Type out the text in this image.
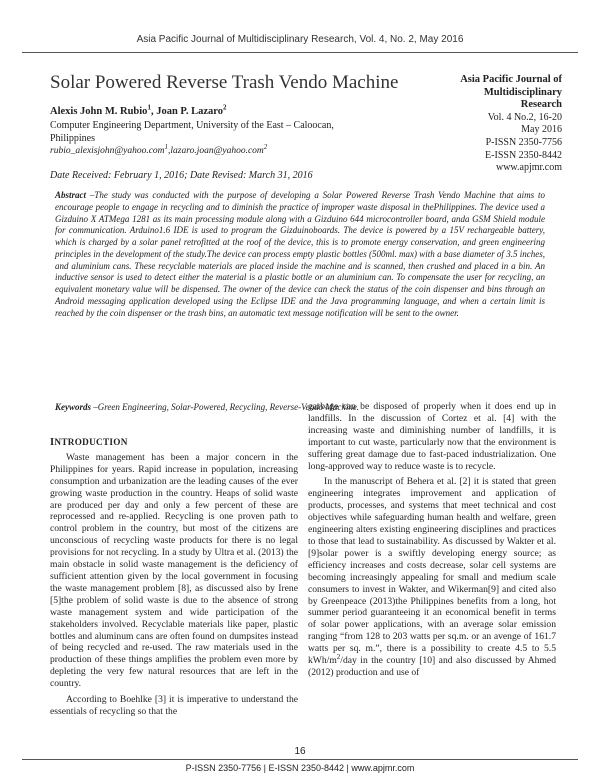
Asia Pacific Journal of Multidisciplinary Research, Vol. 4, No. 2, May 2016
Solar Powered Reverse Trash Vendo Machine	Asia Pacific Journal of
Multidisciplinary Research
Vol. 4 No.2, 16-20
May 2016
P-ISSN 2350-7756
E-ISSN 2350-8442
www.apjmr.com
Alexis John M. Rubio$^1$, Joan P. Lazaro$^2$
Computer Engineering Department, University of the East – Caloocan,
Philippines
rubio_alexisjohn@yahoo.com$^1$,lazaro.joan@yahoo.com$^2$
Date Received: February 1, 2016; Date Revised: March 31, 2016
Abstract –The study was conducted with the purpose of developing a Solar Powered Reverse Trash Vendo Machine that aims to encourage people to engage in recycling and to diminish the practice of improper waste disposal in thePhilippines. The device used a Gizduino X ATMega 1281 as its main processing module along with a Gizduino 644 microcontroller board, anda GSM Shield module for communication. Arduino1.6 IDE is used to program the Gizduinoboards. The device is powered by a 15V rechargeable battery, which is charged by a solar panel retrofitted at the roof of the device, this is to promote energy conservation, and green engineering principles in the development of the study.The device can process empty plastic bottles (500ml. max) with a base diameter of 3.5 inches, and aluminium cans. These recyclable materials are placed inside the machine and is scanned, then crushed and placed in a bin. An inductive sensor is used to detect either the material is a plastic bottle or an aluminium can. To compensate the user for recycling, an equivalent monetary value will be dispensed. The owner of the device can check the status of the coin dispenser and bins through an Android messaging application developed using the Eclipse IDE and the Java programming language, and when a certain limit is reached by the coin dispenser or the trash bins, an automatic text message notification will be sent to the owner.
Keywords –Green Engineering, Solar-Powered, Recycling, Reverse-Vendo Machine.
INTRODUCTION

Waste management has been a major concern in the Philippines for years. Rapid increase in population, increasing consumption and urbanization are the leading causes of the ever growing waste production in the country. Heaps of solid waste are produced per day and only a few percent of these are reprocessed and re-applied. Recycling is one proven path to control problem in the country, but most of the citizens are unconscious of recycling waste products for there is no legal provisions for not recycling. In a study by Ultra et al. (2013) the main obstacle in solid waste management is the deficiency of sufficient attention given by the local government in focusing the waste management problem [8], as discussed also by Irene [5]the problem of solid waste is due to the absence of strong waste management system and wide participation of the stakeholders involved. Recyclable materials like paper, plastic bottles and aluminum cans are often found on dumpsites instead of being recycled and re-used. The raw materials used in the production of these things amplifies the problem even more by depleting the very few natural resources that are left in the country.

According to Boehlke [3] it is imperative to understand the essentials of recycling so that the

garbage can be disposed of properly when it does end up in landfills. In the discussion of Cortez et al. [4] with the increasing waste and diminishing number of landfills, it is important to cut waste, particularly now that the environment is suffering great damage due to fast-paced industrialization. One long-approved way to reduce waste is to recycle.

In the manuscript of Behera et al. [2] it is stated that green engineering integrates improvement and application of products, processes, and systems that meet technical and cost objectives while safeguarding human health and welfare, green engineering alters existing engineering disciplines and practices to those that lead to sustainability. As discussed by Wakter et al. [9]solar power is a swiftly developing energy source; as efficiency increases and costs decrease, solar cell systems are becoming increasingly appealing for small and medium scale consumers to invest in Wakter, and Wikerman[9] and cited also by Greenpeace (2013)the Philippines benefits from a long, hot summer period guaranteeing it an economical benefit in terms of solar power applications, with an average solar emission ranging “from 128 to 203 watts per sq.m. or an avenge of 161.7 watts per sq. m.”, there is a possibility to create 4.5 to 5.5 kWh/$m^2$/day in the country [10] and also discussed by Ahmed (2012) production and use of

16
P-ISSN 2350-7756 | E-ISSN 2350-8442 | www.apjmr.com
